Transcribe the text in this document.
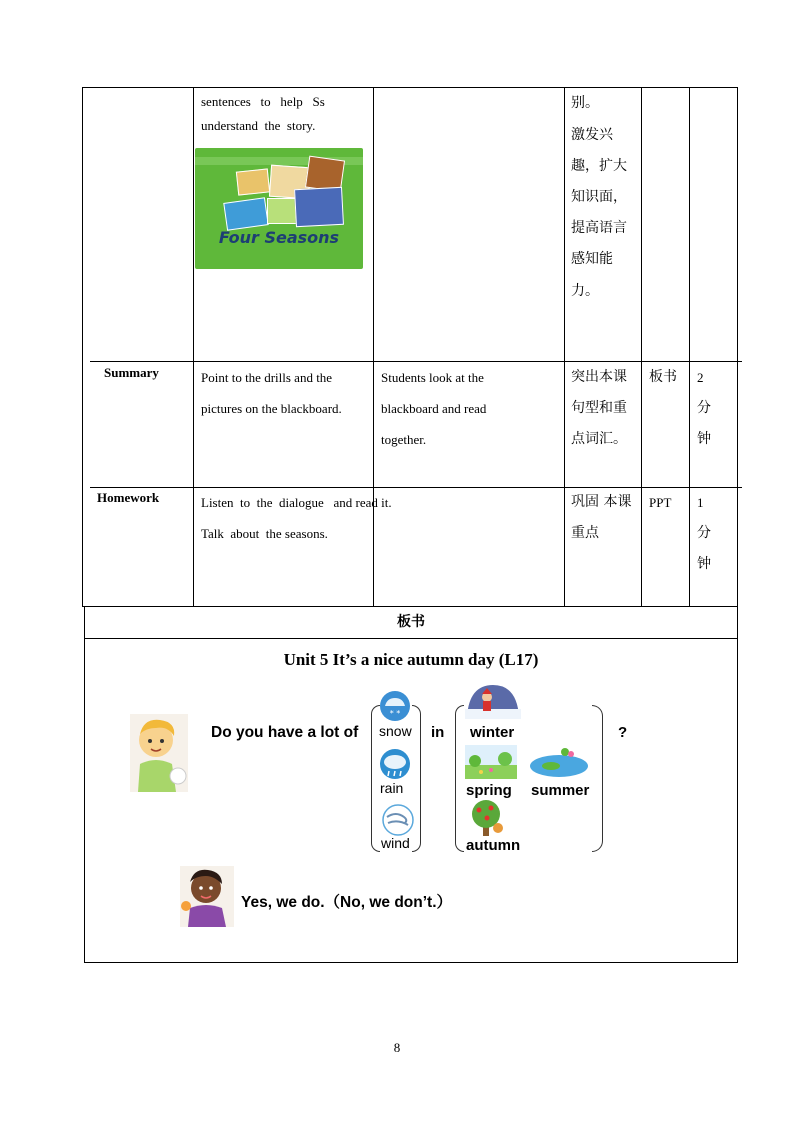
sentences   to   help   Ss
understand  the  story.
Four Seasons
别。
激发兴
趣，扩大
知识面，
提高语言
感知能
力。
Summary	Point to the drills and the
pictures on the blackboard.
Students look at the
blackboard and read
together.
突出本课
句型和重
点词汇。
板书 2
分
钟
Homework	Listen  to  the  dialogue   and read it.
Talk  about  the seasons.
巩固 本课
重点
PPT 1
分
钟
板书
Unit 5 It’s a nice autumn day (L17)
Do you have a lot of
* *
snow
rain
wind
in winter
spring summer
autumn
?
Yes, we do.（No, we don’t.）
8
